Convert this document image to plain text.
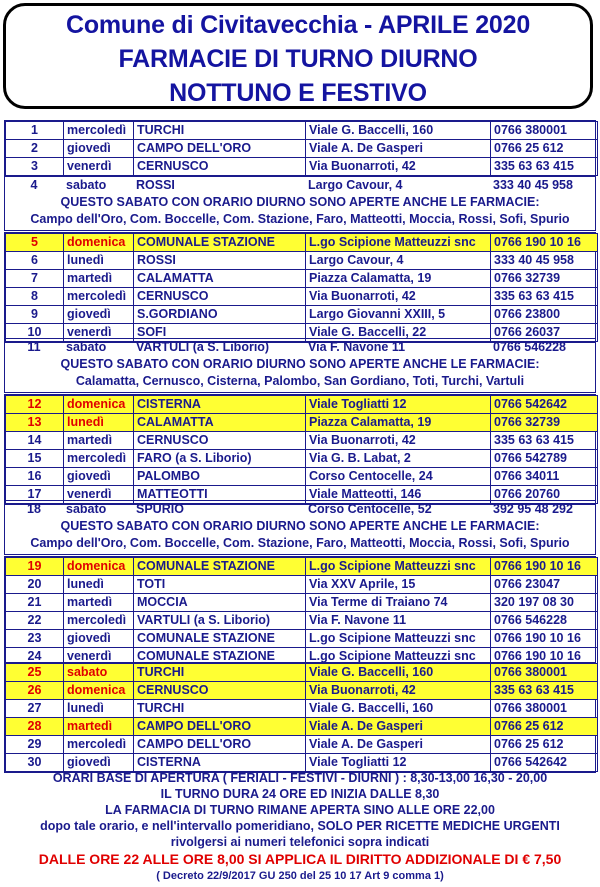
Comune di Civitavecchia - APRILE 2020
FARMACIE DI TURNO DIURNO
NOTTUNO E FESTIVO
1	mercoledì	TURCHI	Viale G. Baccelli, 160	0766 380001
2	giovedì	CAMPO DELL'ORO	Viale A. De Gasperi	0766 25 612
3	venerdì	CERNUSCO	Via Buonarroti, 42	335 63 63 415
4	sabato	ROSSI	Largo Cavour, 4	333 40 45 958
QUESTO SABATO CON ORARIO DIURNO SONO APERTE ANCHE LE FARMACIE:
Campo dell'Oro, Com. Boccelle, Com. Stazione, Faro, Matteotti, Moccia, Rossi, Sofi, Spurio
5	domenica	COMUNALE STAZIONE	L.go Scipione Matteuzzi snc	0766 190 10 16
6	lunedì	ROSSI	Largo Cavour, 4	333 40 45 958
7	martedì	CALAMATTA	Piazza Calamatta, 19	0766 32739
8	mercoledì	CERNUSCO	Via Buonarroti, 42	335 63 63 415
9	giovedì	S.GORDIANO	Largo Giovanni XXIII, 5	0766 23800
10	venerdì	SOFI	Viale G. Baccelli, 22	0766 26037
11	sabato	VARTULI (a S. Liborio)	Via F. Navone 11	0766 546228
QUESTO SABATO CON ORARIO DIURNO SONO APERTE ANCHE LE FARMACIE:
Calamatta, Cernusco, Cisterna, Palombo, San Gordiano, Toti, Turchi, Vartuli
12	domenica	CISTERNA	Viale Togliatti 12	0766 542642
13	lunedì	CALAMATTA	Piazza Calamatta, 19	0766 32739
14	martedì	CERNUSCO	Via Buonarroti, 42	335 63 63 415
15	mercoledì	FARO (a S. Liborio)	Via G. B. Labat, 2	0766 542789
16	giovedì	PALOMBO	Corso Centocelle, 24	0766 34011
17	venerdì	MATTEOTTI	Viale Matteotti, 146	0766 20760
18	sabato	SPURIO	Corso Centocelle, 52	392 95 48 292
QUESTO SABATO CON ORARIO DIURNO SONO APERTE ANCHE LE FARMACIE:
Campo dell'Oro, Com. Boccelle, Com. Stazione, Faro, Matteotti, Moccia, Rossi, Sofi, Spurio
19	domenica	COMUNALE STAZIONE	L.go Scipione Matteuzzi snc	0766 190 10 16
20	lunedì	TOTI	Via XXV Aprile, 15	0766 23047
21	martedì	MOCCIA	Via Terme di Traiano 74	320 197 08 30
22	mercoledì	VARTULI (a S. Liborio)	Via F. Navone 11	0766 546228
23	giovedì	COMUNALE STAZIONE	L.go Scipione Matteuzzi snc	0766 190 10 16
24	venerdì	COMUNALE STAZIONE	L.go Scipione Matteuzzi snc	0766 190 10 16
25	sabato	TURCHI	Viale G. Baccelli, 160	0766 380001
26	domenica	CERNUSCO	Via Buonarroti, 42	335 63 63 415
27	lunedì	TURCHI	Viale G. Baccelli, 160	0766 380001
28	martedì	CAMPO DELL'ORO	Viale A. De Gasperi	0766 25 612
29	mercoledì	CAMPO DELL'ORO	Viale A. De Gasperi	0766 25 612
30	giovedì	CISTERNA	Viale Togliatti 12	0766 542642
ORARI BASE DI APERTURA ( FERIALI - FESTIVI - DIURNI ) : 8,30-13,00 16,30 - 20,00
IL TURNO DURA 24 ORE ED INIZIA DALLE 8,30
LA FARMACIA DI TURNO RIMANE APERTA SINO ALLE ORE 22,00
dopo tale orario, e nell'intervallo pomeridiano, SOLO PER RICETTE MEDICHE URGENTI
rivolgersi ai numeri telefonici sopra indicati
DALLE ORE 22 ALLE ORE 8,00 SI APPLICA IL DIRITTO ADDIZIONALE DI € 7,50
( Decreto 22/9/2017 GU 250 del 25 10 17 Art 9 comma 1)
